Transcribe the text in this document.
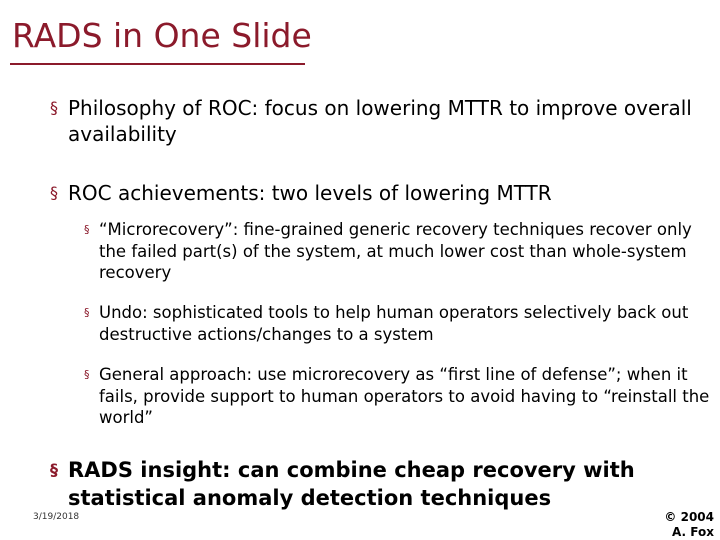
RADS in One Slide
§ Philosophy of ROC: focus on lowering MTTR to improve overall availability
§ ROC achievements: two levels of lowering MTTR
§ “Microrecovery”: fine-grained generic recovery techniques recover only the failed part(s) of the system, at much lower cost than whole-system recovery
§ Undo: sophisticated tools to help human operators selectively back out destructive actions/changes to a system
§ General approach: use microrecovery as “first line of defense”; when it fails, provide support to human operators to avoid having to “reinstall the world”
§ RADS insight: can combine cheap recovery with statistical anomaly detection techniques
3/19/2018	© 2004
A. Fox
